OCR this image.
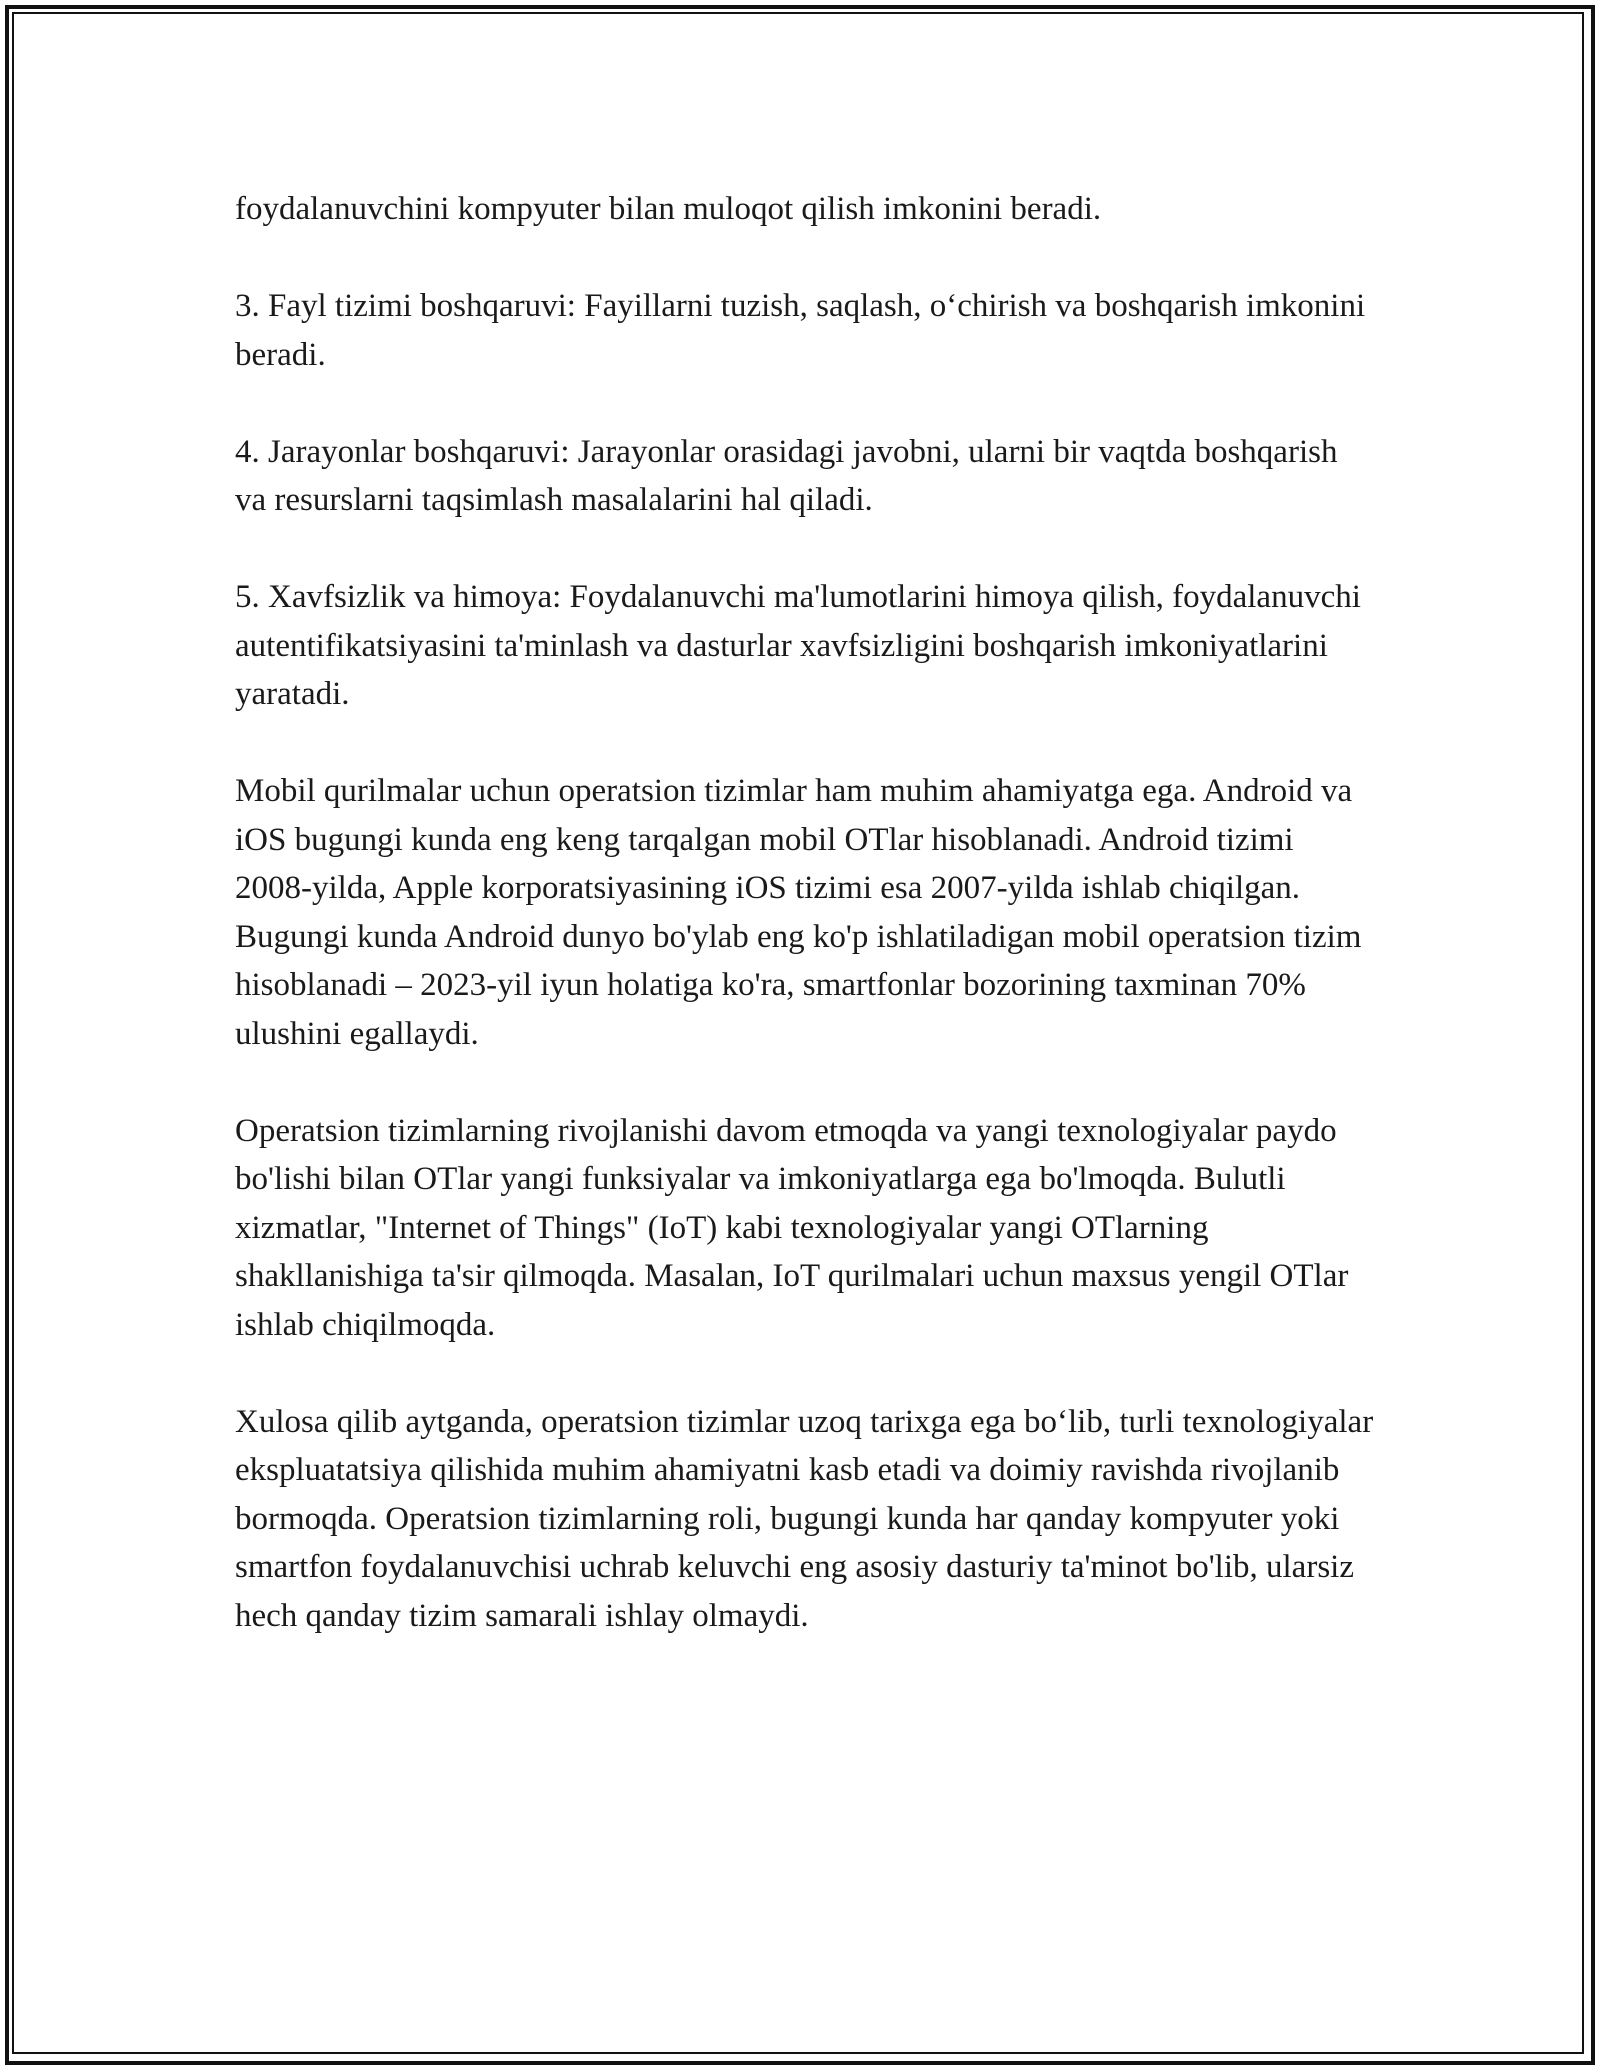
foydalanuvchini kompyuter bilan muloqot qilish imkonini beradi.

3. Fayl tizimi boshqaruvi: Fayillarni tuzish, saqlash, o‘chirish va boshqarish imkonini beradi.

4. Jarayonlar boshqaruvi: Jarayonlar orasidagi javobni, ularni bir vaqtda boshqarish va resurslarni taqsimlash masalalarini hal qiladi.

5. Xavfsizlik va himoya: Foydalanuvchi ma'lumotlarini himoya qilish, foydalanuvchi autentifikatsiyasini ta'minlash va dasturlar xavfsizligini boshqarish imkoniyatlarini yaratadi.

Mobil qurilmalar uchun operatsion tizimlar ham muhim ahamiyatga ega. Android va iOS bugungi kunda eng keng tarqalgan mobil OTlar hisoblanadi. Android tizimi 2008-yilda, Apple korporatsiyasining iOS tizimi esa 2007-yilda ishlab chiqilgan. Bugungi kunda Android dunyo bo'ylab eng ko'p ishlatiladigan mobil operatsion tizim hisoblanadi – 2023-yil iyun holatiga ko'ra, smartfonlar bozorining taxminan 70% ulushini egallaydi.

Operatsion tizimlarning rivojlanishi davom etmoqda va yangi texnologiyalar paydo bo'lishi bilan OTlar yangi funksiyalar va imkoniyatlarga ega bo'lmoqda. Bulutli xizmatlar, "Internet of Things" (IoT) kabi texnologiyalar yangi OTlarning shakllanishiga ta'sir qilmoqda. Masalan, IoT qurilmalari uchun maxsus yengil OTlar ishlab chiqilmoqda.

Xulosa qilib aytganda, operatsion tizimlar uzoq tarixga ega bo‘lib, turli texnologiyalar ekspluatatsiya qilishida muhim ahamiyatni kasb etadi va doimiy ravishda rivojlanib bormoqda. Operatsion tizimlarning roli, bugungi kunda har qanday kompyuter yoki smartfon foydalanuvchisi uchrab keluvchi eng asosiy dasturiy ta'minot bo'lib, ularsiz hech qanday tizim samarali ishlay olmaydi.
